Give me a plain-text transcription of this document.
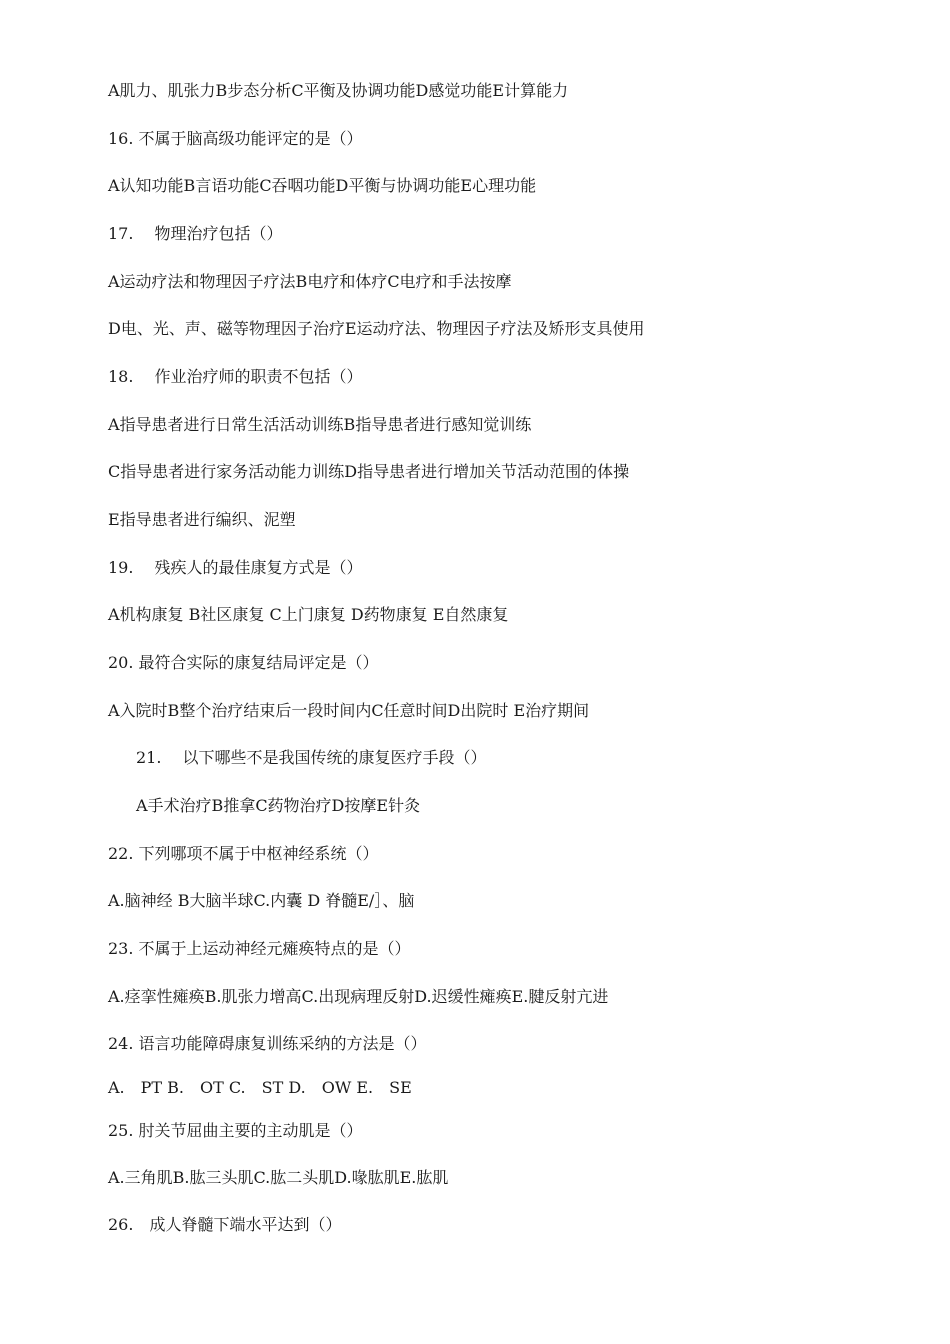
A肌力、肌张力B步态分析C平衡及协调功能D感觉功能E计算能力
16. 不属于脑高级功能评定的是（）
A认知功能B言语功能C吞咽功能D平衡与协调功能E心理功能
17.　 物理治疗包括（）
A运动疗法和物理因子疗法B电疗和体疗C电疗和手法按摩
D电、光、声、磁等物理因子治疗E运动疗法、物理因子疗法及矫形支具使用
18.　 作业治疗师的职责不包括（）
A指导患者进行日常生活活动训练B指导患者进行感知觉训练
C指导患者进行家务活动能力训练D指导患者进行增加关节活动范围的体操
E指导患者进行编织、泥塑
19.　 残疾人的最佳康复方式是（）
A机构康复 B社区康复 C上门康复 D药物康复 E自然康复
20. 最符合实际的康复结局评定是（）
A入院时B整个治疗结束后一段时间内C任意时间D出院时 E治疗期间
21.　 以下哪些不是我国传统的康复医疗手段（）
A手术治疗B推拿C药物治疗D按摩E针灸
22. 下列哪项不属于中枢神经系统（）
A.脑神经 B大脑半球C.内囊 D 脊髓E/］、脑
23. 不属于上运动神经元瘫痪特点的是（）
A.痉挛性瘫痪B.肌张力增高C.出现病理反射D.迟缓性瘫痪E.腱反射亢进
24. 语言功能障碍康复训练采纳的方法是（）
A.　PT B.　OT C.　ST D.　OW E.　SE
25. 肘关节屈曲主要的主动肌是（）
A.三角肌B.肱三头肌C.肱二头肌D.喙肱肌E.肱肌
26.　成人脊髓下端水平达到（）
